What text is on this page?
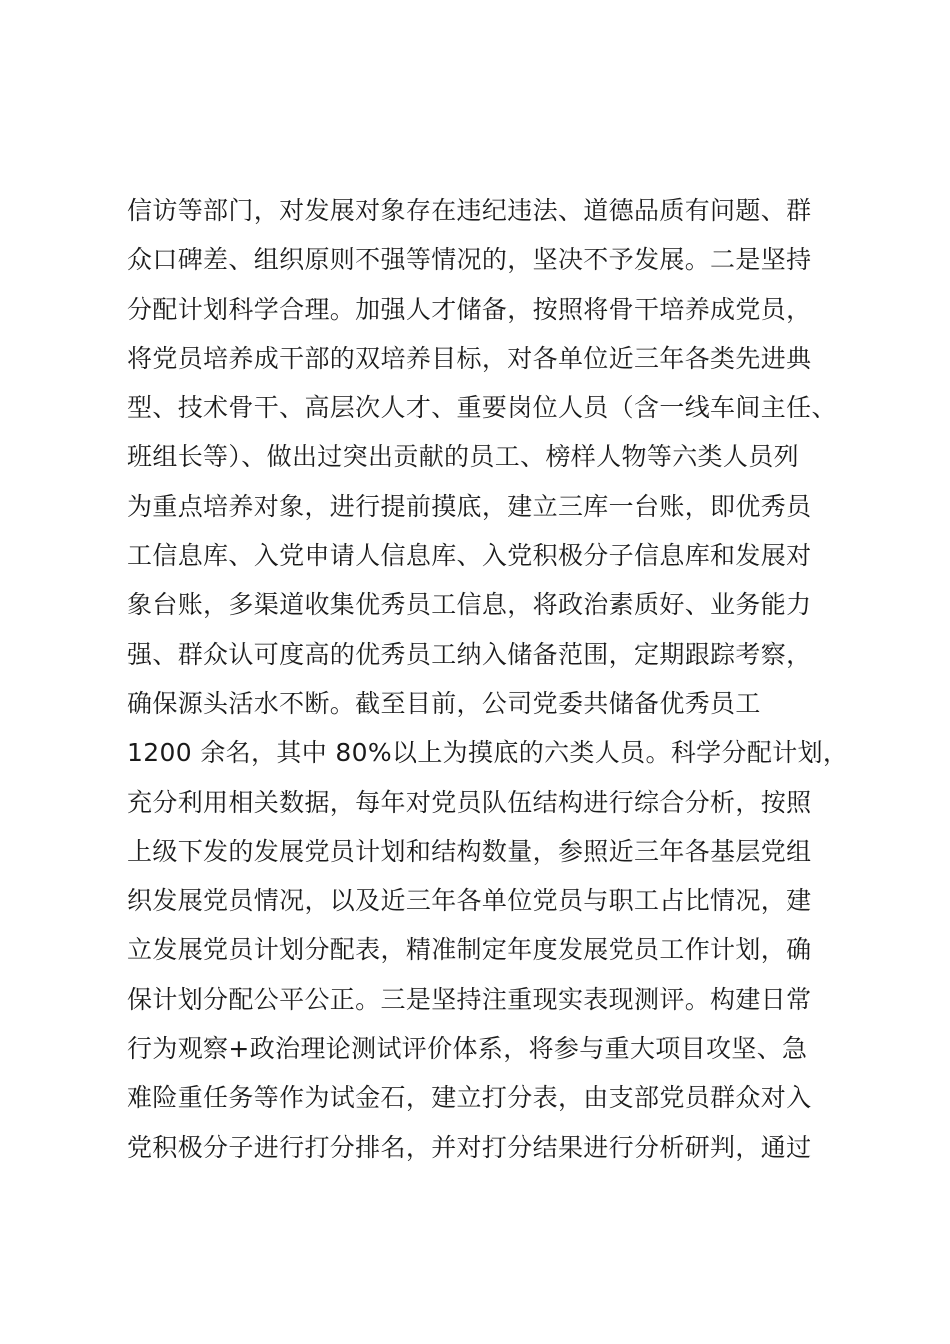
信访等部门，对发展对象存在违纪违法、道德品质有问题、群
众口碑差、组织原则不强等情况的，坚决不予发展。二是坚持
分配计划科学合理。加强人才储备，按照将骨干培养成党员，
将党员培养成干部的双培养目标，对各单位近三年各类先进典
型、技术骨干、高层次人才、重要岗位人员（含一线车间主任、
班组长等）、做出过突出贡献的员工、榜样人物等六类人员列
为重点培养对象，进行提前摸底，建立三库一台账，即优秀员
工信息库、入党申请人信息库、入党积极分子信息库和发展对
象台账，多渠道收集优秀员工信息，将政治素质好、业务能力
强、群众认可度高的优秀员工纳入储备范围，定期跟踪考察，
确保源头活水不断。截至目前，公司党委共储备优秀员工
1200 余名，其中 80%以上为摸底的六类人员。科学分配计划，
充分利用相关数据，每年对党员队伍结构进行综合分析，按照
上级下发的发展党员计划和结构数量，参照近三年各基层党组
织发展党员情况，以及近三年各单位党员与职工占比情况，建
立发展党员计划分配表，精准制定年度发展党员工作计划，确
保计划分配公平公正。三是坚持注重现实表现测评。构建日常
行为观察+政治理论测试评价体系，将参与重大项目攻坚、急
难险重任务等作为试金石，建立打分表，由支部党员群众对入
党积极分子进行打分排名，并对打分结果进行分析研判，通过
